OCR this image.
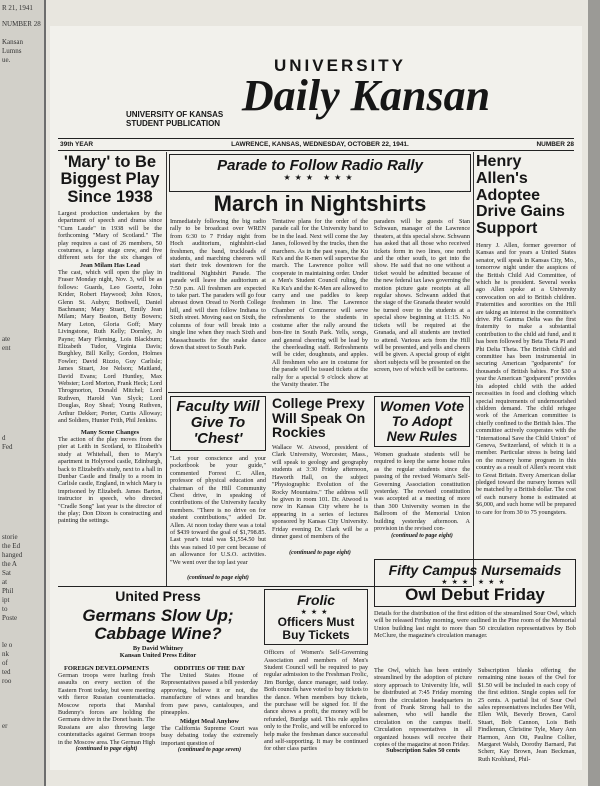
R 21, 1941
NUMBER 28
Kansan
Lumns
ue.
ate
ent
d
Fed
storie
the Ed
hanged
the A
Sat
at
Phil
ipt
to
Poste
le o
nk
of
ted
roo
er
UNIVERSITY
Daily Kansan
UNIVERSITY OF KANSAS
STUDENT PUBLICATION
39th YEAR	LAWRENCE, KANSAS, WEDNESDAY, OCTOBER 22, 1941.	NUMBER 28
'Mary' to Be Biggest Play Since 1938
Largest production undertaken by the department of speech and drama since "Cum Laude" in 1938 will be the forthcoming "Mary of Scotland." The play requires a cast of 26 members, 50 costumes, a large stage crew, and five different sets for the six changes of
Jean Milam Has Lead
The cast, which will open the play in Fraser Monday night, Nov. 3, will be as follows: Guards, Leo Goertz, John Krider, Robert Haywood; John Knox, Glenn St. Aubyn; Bothwell, Daniel Bachmann; Mary Stuart, Emily Jean Milam; Mary Beaton, Betty Bowers; Mary Leton, Gloria Goff; Mary Livingstone, Ruth Kelly; Dornley, Jo Payne; Mary Fleming, Lois Blackburn; Elizabeth Tudor, Virginia Davis; Burghley, Bill Kelly; Gordon, Holmes Fowler; David Rizzio, Guy Carlisle; James Stuart, Joe Nelson; Maitland, David Evans; Lord Huntley, Max Webster; Lord Morton, Frank Heck; Lord Throgmorton, Donald Mitchel; Lord Ruthven, Harold Van Slyck; Lord Douglas, Roy Sheaf; Young Ruthven, Arthur Dekker; Porter, Curtis Alloway; and Soldiers, Hunter Frith, Phil Jenkins.
Many Scene Changes
The action of the play moves from the pier at Leith in Scotland, to Elizabeth's study at Whitehall, then to Mary's apartment in Holyrood castle, Edinburgh, back to Elizabeth's study, next to a hall in Dunbar Castle and finally to a room in Carlisle castle, England, in which Mary is imprisoned by Elizabeth. James Barton, instructor in speech, who directed "Cradle Song" last year is the director of the play; Don Dixon is constructing and painting the settings.
Parade to Follow Radio Rally
★★★ ★★★
March in Nightshirts
Immediately following the big radio rally to be broadcast over WREN from 6:30 to 7 Friday night from Hoch auditorium, nightshirt-clad freshmen, the band, truckloads of students, and marching cheerers will start their trek downtown for the traditional Nightshirt Parade. The parade will leave the auditorium at 7:50 p.m. All freshmen are expected to take part. The paraders will go four abreast down Oread to North College hill, and will then follow Indiana to Sixth street. Moving east on Sixth, the columns of four will break into a single line when they reach Sixth and Massachusetts for the snake dance down that street to South Park.
Tentative plans for the order of the parade call for the University band to be in the lead. Next will come the Jay Janes, followed by the trucks, then the marchers. As in the past years, the Ku Ku's and the K-men will supervise the march. The Lawrence police will cooperate in maintaining order. Under a Men's Student Council ruling, the Ku Ku's and the K-Men are allowed to carry and use paddles to keep freshmen in line. The Lawrence Chamber of Commerce will serve refreshments to the students in costume after the rally around the bon-fire in South Park. Yells, songs, and general cheering will be lead by the cheerleading staff. Refreshments will be cider, doughnuts, and apples. All freshmen who are in costume for the parade will be issued tickets at the rally for a special 9 o'clock show at the Varsity theater. The
paraders will be guests of Stan Schwaun, manager of the Lawrence theaters, at this special show. Schwann has asked that all those who received tickets form in two lines, one north and the other south, to get into the show. He said that no one without a ticket would be admitted because of the new federal tax laws governing the motion picture gate receipts at all regular shows. Schwann added that the stage of the Granada theater would be turned over to the students at a special show beginning at 11:15. No tickets will be required at the Granada, and all students are invited to attend. Various acts from the Hill will be presented, and yells and cheers will be given. A special group of eight short subjects will be presented on the screen, two of which will be cartoons.
Henry Allen's Adoptee Drive Gains Support
Henry J. Allen, former governor of Kansas and for years a United States senator, will speak in Kansas City, Mo., tomorrow night under the auspices of the British Child Aid Committee, of which he is president. Several weeks ago Allen spoke at a University convocation on aid to British children. Fraternities and sororities on the Hill are taking an interest in the committee's drive. Phi Gamma Delta was the first fraternity to make a substantial contribution to the child aid fund, and it has been followed by Beta Theta Pi and Phi Delta Theta. The British Child aid committee has been instrumental in securing American "godparents" for thousands of British babies. For $30 a year the American "godparent" provides his adopted child with the added necessities in food and clothing which special requirements of undernourished children demand. The child refugee work of the American committee is chiefly confined to the British Isles. The committee actively cooperates with the "International Save the Child Union" of Geneva, Switzerland, of which it is a member. Particular stress is being laid on the nursery home program in this country as a result of Allen's recent visit to Great Britain. Every American dollar pledged toward the nursery homes will be matched by a British dollar. The cost of each nursery home is estimated at $6,000, and such home will be prepared to care for from 30 to 75 youngsters.
Faculty Will Give To 'Chest'
"Let your conscience and your pocketbook be your guide," commented Forrest C. Allen, professor of physical education and chairman of the Hill Community Chest drive, in speaking of contributions of the University faculty members. "There is no drive on for student contributions," added Dr. Allen. At noon today there was a total of $439 toward the goal of $1,798.85. Last year's total was $1,554.50 but this was raised 10 per cent because of an allowance for U.S.O. activities. "We went over the top last year
(continued to page eight)
College Prexy Will Speak On Rockies
Wallace W. Atwood, president of Clark University, Worcester, Mass., will speak to geology and geography students at 3:30 Friday afternoon, Haworth Hall, on the subject "Physiographic Evolution of the Rocky Mountains." The address will be given in room 101. Dr. Atwood is now in Kansas City where he is appearing in a series of lectures sponsored by Kansas City University. Friday evening Dr. Clark will be a dinner guest of members of the
(continued to page eight)
Women Vote To Adopt New Rules
Women graduate students will be required to keep the same house rules as the regular students since the passing of the revised Woman's Self-Governing Association constitution yesterday. The revised constitution was accepted at a meeting of more than 300 University women in the Ballroom of the Memorial Union building yesterday afternoon. A provision in the revised con-
(continued to page eight)
United Press
Germans Slow Up; Cabbage Wine?
By David Whitney
Kansan United Press Editor
FOREIGN DEVELOPMENTS
German troops were hurling fresh assaults on every section of the Eastern Front today, but were meeting with fierce Russian counterattacks. Moscow reports that Marshal Budenny's forces are holding the Germans drive in the Donet basin. The Russians are also throwing large counterattacks against German troops in the Moscow area. The German High
(continued to page eight)
ODDITIES OF THE DAY
The United States House of Representatives passed a bill yesterday approving, believe it or not, the manufacture of wines and brandies from paw paws, cantaloupes, and pineapples.
Midget Meal Anyhow
The California Supreme Court was busy debating today the extremely important question of
(continued to page seven)
Frolic
★★★
Officers Must Buy Tickets
Officers of Women's Self-Governing Association and members of Men's Student Council will be required to pay regular admission to the Freshman Frolic, Jim Burdge, dance manager, said today. Both councils have voted to buy tickets to the dance. When members buy tickets, the purchase will be signed for. If the dance shows a profit, the money will be refunded, Burdge said. This rule applies only to the Frolic, and will be enforced to help make the freshman dance successful and self-supporting. It may be continued for other class parties
Fifty Campus Nursemaids
★★★ ★★★
Owl Debut Friday
Details for the distribution of the first edition of the streamlined Sour Owl, which will be released Friday morning, were outlined in the Pine room of the Memorial Union building last night to more than 50 circulation representatives by Bob McClure, the magazine's circulation manager.
The Owl, which has been entirely streamlined by the adoption of picture story approach to University life, will be distributed at 7:45 Friday morning from the circulation headquarters in front of Frank Strong hall to the salesmen, who will handle the circulation on the campus itself. Circulation representatives in all organized houses will receive their copies of the magazine at noon Friday.
Subscription Sales 50 cents
Subscription blanks offering the remaining nine issues of the Owl for $1.50 will be included in each copy of the first edition. Single copies sell for 25 cents. A partial list of Sour Owl sales representatives includes Bee Wilt, Ellen Wilt, Beverly Brown, Carol Stuart, Bob Cannon, Lois Beth Findlemun, Christine Tyle, Mary Ann Harmon, Ann Ott, Pauline Collier, Margaret Walsh, Dorothy Barnard, Pat Scherr, Kay Brown, Jean Beckman, Ruth Krohlund, Phil-
